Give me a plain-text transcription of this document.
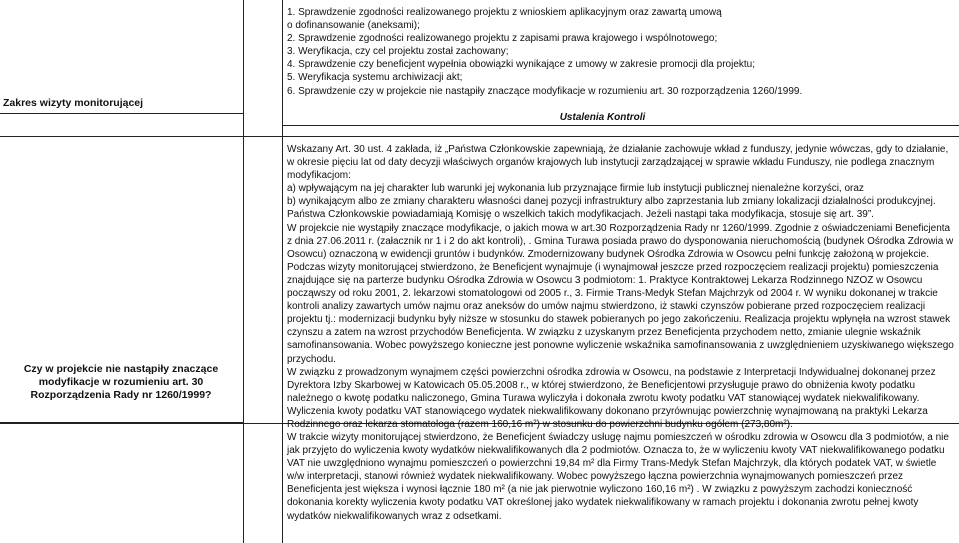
Zakres wizyty monitorującej
1. Sprawdzenie zgodności realizowanego projektu z wnioskiem aplikacyjnym oraz zawartą umową
o dofinansowanie (aneksami);
2. Sprawdzenie zgodności realizowanego projektu z zapisami prawa krajowego i wspólnotowego;
3. Weryfikacja, czy cel projektu został zachowany;
4. Sprawdzenie czy beneficjent wypełnia obowiązki wynikające z umowy w zakresie promocji dla projektu;
5. Weryfikacja systemu archiwizacji akt;
6. Sprawdzenie czy w projekcie nie nastąpiły znaczące modyfikacje w rozumieniu art. 30 rozporządzenia 1260/1999.
Ustalenia Kontroli
Czy w projekcie nie nastąpiły znaczące modyfikacje w rozumieniu art. 30 Rozporządzenia Rady nr 1260/1999?

Wskazany Art. 30 ust. 4 zakłada, iż „Państwa Członkowskie zapewniają, że działanie zachowuje wkład z funduszy, jedynie wówczas, gdy to działanie, w okresie pięciu lat od daty decyzji właściwych organów krajowych lub instytucji zarządzającej w sprawie wkładu Funduszy, nie podlega znacznym modyfikacjom:

a) wpływającym na jej charakter lub warunki jej wykonania lub przyznające firmie lub instytucji publicznej nienależne korzyści, oraz

b) wynikającym albo ze zmiany charakteru własności danej pozycji infrastruktury albo zaprzestania lub zmiany lokalizacji działalności produkcyjnej. Państwa Członkowskie powiadamiają Komisję o wszelkich takich modyfikacjach. Jeżeli nastąpi taka modyfikacja, stosuje się art. 39”.

W projekcie nie wystąpiły znaczące modyfikacje, o jakich mowa w art.30 Rozporządzenia Rady nr 1260/1999. Zgodnie z oświadczeniami Beneficjenta z dnia 27.06.2011 r. (załacznik nr 1 i 2 do akt kontroli), . Gmina Turawa posiada prawo do dysponowania nieruchomością (budynek Ośrodka Zdrowia w Osowcu) oznaczoną w ewidencji gruntów i budynków. Zmodernizowany budynek Ośrodka Zdrowia w Osowcu pełni funkcję założoną w projekcie.

Podczas wizyty monitorującej stwierdzono, że Beneficjent wynajmuje (i wynajmował jeszcze przed rozpoczęciem realizacji projektu) pomieszczenia znajdujące się na parterze budynku Ośrodka Zdrowia w Osowcu 3 podmiotom: 1. Praktyce Kontraktowej Lekarza Rodzinnego NZOZ w Osowcu począwszy od roku 2001, 2. lekarzowi stomatologowi od 2005 r., 3. Firmie Trans-Medyk Stefan Majchrzyk od 2004 r. W wyniku dokonanej w trakcie kontroli analizy zawartych umów najmu oraz aneksów do umów najmu stwierdzono, iż stawki czynszów pobierane przed rozpoczęciem realizacji projektu tj.: modernizacji budynku były niższe w stosunku do stawek pobieranych po jego zakończeniu. Realizacja projektu wpłynęła na wzrost stawek czynszu a zatem na wzrost przychodów Beneficjenta. W związku z uzyskanym przez Beneficjenta przychodem netto, zmianie ulegnie wskaźnik samofinansowania. Wobec powyższego konieczne jest ponowne wyliczenie wskaźnika samofinansowania z uwzględnieniem uzyskiwanego większego przychodu.

W związku z prowadzonym wynajmem części powierzchni ośrodka zdrowia w Osowcu, na podstawie z Interpretacji Indywidualnej dokonanej przez Dyrektora Izby Skarbowej w Katowicach 05.05.2008 r., w której stwierdzono, że Beneficjentowi przysługuje prawo do obniżenia kwoty podatku należnego o kwotę podatku naliczonego, Gmina Turawa wyliczyła i dokonała zwrotu kwoty podatku VAT stanowiącej wydatek niekwalifikowany. Wyliczenia kwoty podatku VAT stanowiącego wydatek niekwalifikowany dokonano przyrównując powierzchnię wynajmowaną na praktyki Lekarza Rodzinnego oraz lekarza stomatologa (razem 160,16 m²) w stosunku do powierzchni budynku ogółem (273,80m²).

W trakcie wizyty monitorującej stwierdzono, że Beneficjent świadczy usługę najmu pomieszczeń w ośrodku zdrowia w Osowcu dla 3 podmiotów, a nie jak przyjęto do wyliczenia kwoty wydatków niekwalifikowanych dla 2 podmiotów. Oznacza to, że w wyliczeniu kwoty VAT niekwalifikowanego podatku VAT nie uwzględniono wynajmu pomieszczeń o powierzchni 19,84 m² dla Firmy Trans-Medyk Stefan Majchrzyk, dla których podatek VAT, w świetle w/w interpretacji, stanowi również wydatek niekwalifikowany. Wobec powyższego łączna powierzchnia wynajmowanych pomieszczeń przez Beneficjenta jest większa i wynosi łącznie 180 m² (a nie jak pierwotnie wyliczono 160,16 m²) . W związku z powyższym zachodzi konieczność dokonania korekty wyliczenia kwoty podatku VAT określonej jako wydatek niekwalifikowany w ramach projektu i dokonania zwrotu pełnej kwoty wydatków niekwalifikowanych wraz z odsetkami.
